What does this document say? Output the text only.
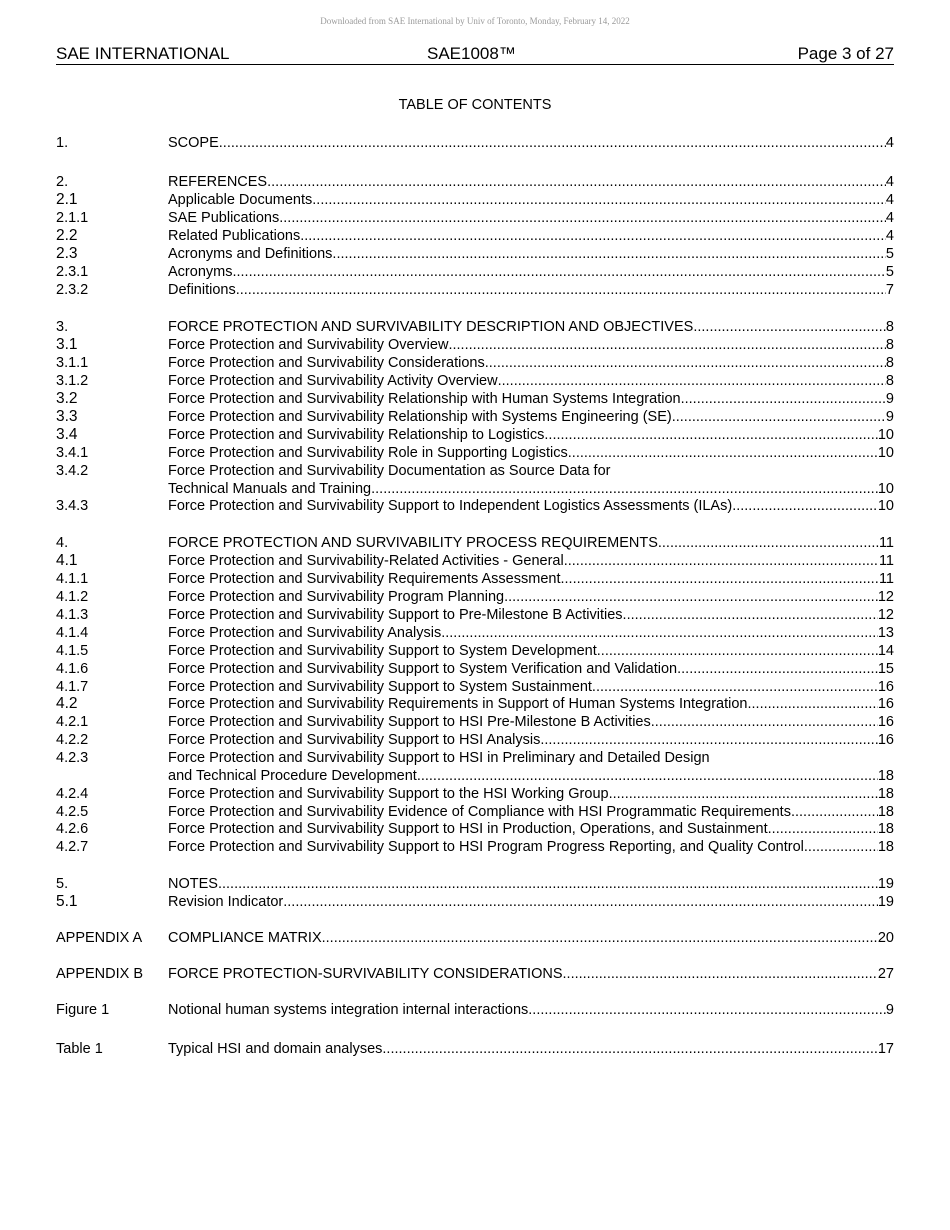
Downloaded from SAE International by Univ of Toronto, Monday, February 14, 2022
SAE INTERNATIONAL	SAE1008™	Page 3 of 27
TABLE OF CONTENTS
1.	SCOPE .....	4
2.	REFERENCES .....	4
2.1	Applicable Documents .....	4
2.1.1	SAE Publications .....	4
2.2	Related Publications .....	4
2.3	Acronyms and Definitions .....	5
2.3.1	Acronyms .....	5
2.3.2	Definitions .....	7
3.	FORCE PROTECTION AND SURVIVABILITY DESCRIPTION AND OBJECTIVES .....	8
3.1	Force Protection and Survivability Overview .....	8
3.1.1	Force Protection and Survivability Considerations .....	8
3.1.2	Force Protection and Survivability Activity Overview .....	8
3.2	Force Protection and Survivability Relationship with Human Systems Integration .....	9
3.3	Force Protection and Survivability Relationship with Systems Engineering (SE) .....	9
3.4	Force Protection and Survivability Relationship to Logistics .....	10
3.4.1	Force Protection and Survivability Role in Supporting Logistics .....	10
3.4.2	Force Protection and Survivability Documentation as Source Data for
Technical Manuals and Training .....	10
3.4.3	Force Protection and Survivability Support to Independent Logistics Assessments (ILAs) .....	10
4.	FORCE PROTECTION AND SURVIVABILITY PROCESS REQUIREMENTS .....	11
4.1	Force Protection and Survivability-Related Activities - General .....	11
4.1.1	Force Protection and Survivability Requirements Assessment .....	11
4.1.2	Force Protection and Survivability Program Planning .....	12
4.1.3	Force Protection and Survivability Support to Pre-Milestone B Activities .....	12
4.1.4	Force Protection and Survivability Analysis .....	13
4.1.5	Force Protection and Survivability Support to System Development .....	14
4.1.6	Force Protection and Survivability Support to System Verification and Validation .....	15
4.1.7	Force Protection and Survivability Support to System Sustainment .....	16
4.2	Force Protection and Survivability Requirements in Support of Human Systems Integration .....	16
4.2.1	Force Protection and Survivability Support to HSI Pre-Milestone B Activities .....	16
4.2.2	Force Protection and Survivability Support to HSI Analysis .....	16
4.2.3	Force Protection and Survivability Support to HSI in Preliminary and Detailed Design
and Technical Procedure Development .....	18
4.2.4	Force Protection and Survivability Support to the HSI Working Group .....	18
4.2.5	Force Protection and Survivability Evidence of Compliance with HSI Programmatic Requirements .....	18
4.2.6	Force Protection and Survivability Support to HSI in Production, Operations, and Sustainment .....	18
4.2.7	Force Protection and Survivability Support to HSI Program Progress Reporting, and Quality Control .....	18
5.	NOTES .....	19
5.1	Revision Indicator .....	19
APPENDIX A COMPLIANCE MATRIX .....	20
APPENDIX B FORCE PROTECTION-SURVIVABILITY CONSIDERATIONS .....	27
Figure 1	Notional human systems integration internal interactions .....	9
Table 1	Typical HSI and domain analyses .....	17
